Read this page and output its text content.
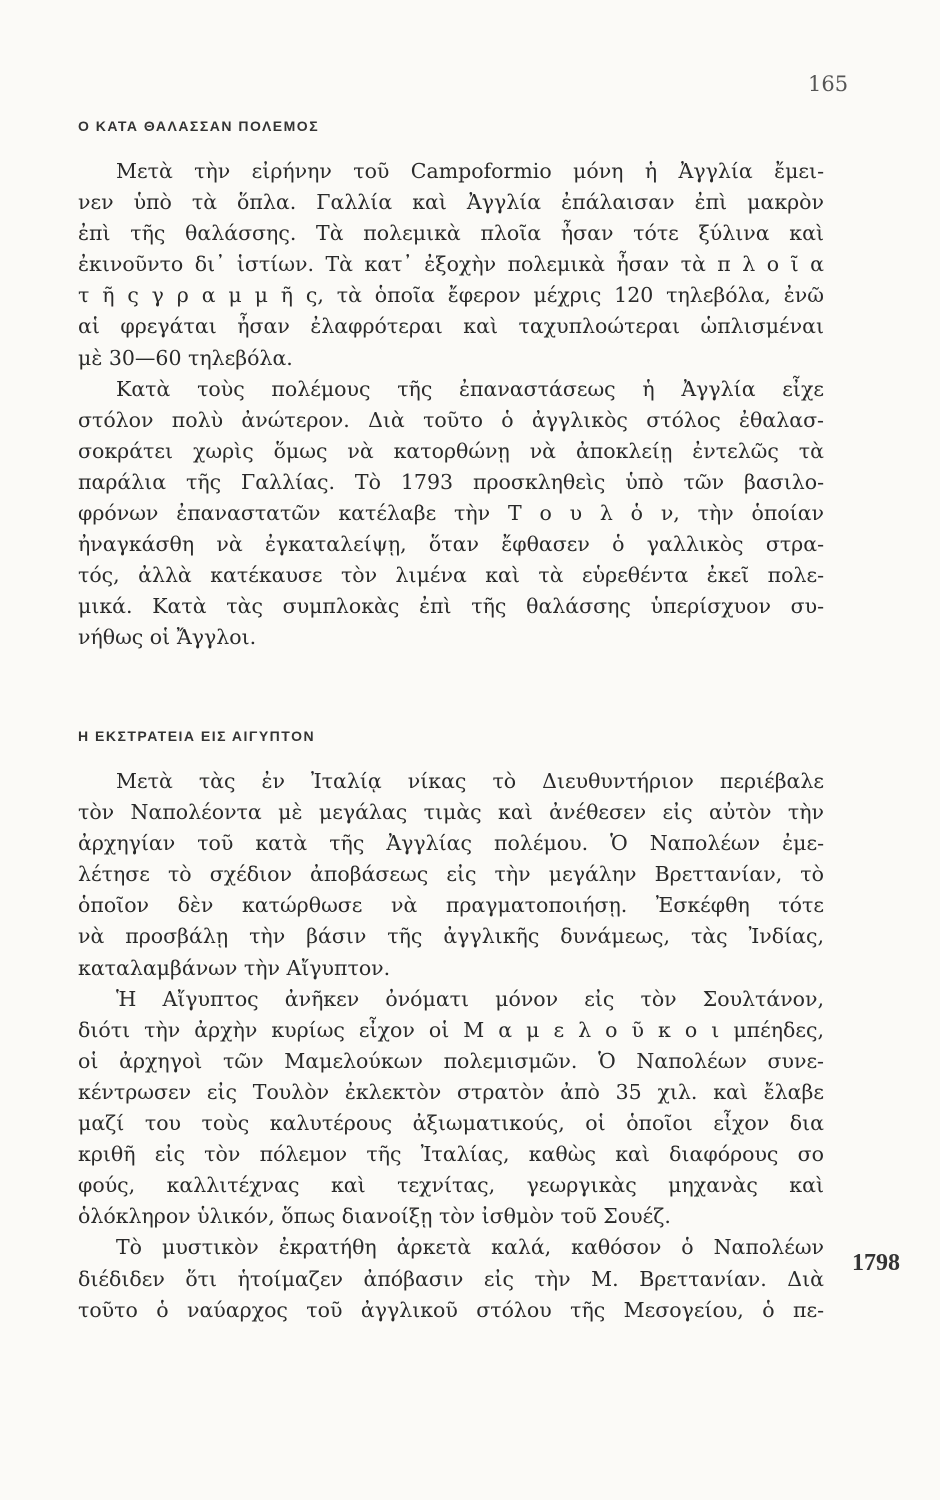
165
Ο ΚΑΤΑ ΘΑΛΑΣΣΑΝ ΠΟΛΕΜΟΣ
Μετὰ τὴν εἰρήνην τοῦ Campoformio μόνη ἡ Ἀγγλία ἔμει-
νεν ὑπὸ τὰ ὅπλα. Γαλλία καὶ Ἀγγλία ἐπάλαισαν ἐπὶ μακρὸν
ἐπὶ τῆς θαλάσσης. Τὰ πολεμικὰ πλοῖα ἦσαν τότε ξύλινα καὶ
ἐκινοῦντο δι᾿ ἱστίων. Τὰ κατ᾿ ἐξοχὴν πολεμικὰ ἦσαν τὰ π λ ο ῖ α
τ ῆ ς γ ρ α μ μ ῆ ς, τὰ ὁποῖα ἔφερον μέχρις 120 τηλεβόλα, ἐνῶ
αἱ φρεγάται ἦσαν ἐλαφρότεραι καὶ ταχυπλοώτεραι ὡπλισμέναι
μὲ 30—60 τηλεβόλα.
Κατὰ τοὺς πολέμους τῆς ἐπαναστάσεως ἡ Ἀγγλία εἶχε
στόλον πολὺ ἀνώτερον. Διὰ τοῦτο ὁ ἀγγλικὸς στόλος ἐθαλασ-
σοκράτει χωρὶς ὅμως νὰ κατορθώνῃ νὰ ἀποκλείῃ ἐντελῶς τὰ
παράλια τῆς Γαλλίας. Τὸ 1793 προσκληθεὶς ὑπὸ τῶν βασιλο-
φρόνων ἐπαναστατῶν κατέλαβε τὴν Τ ο υ λ ὁ ν, τὴν ὁποίαν
ἠναγκάσθη νὰ ἐγκαταλείψῃ, ὅταν ἔφθασεν ὁ γαλλικὸς στρα-
τός, ἀλλὰ κατέκαυσε τὸν λιμένα καὶ τὰ εὑρεθέντα ἐκεῖ πολε-
μικά. Κατὰ τὰς συμπλοκὰς ἐπὶ τῆς θαλάσσης ὑπερίσχυον συ-
νήθως οἱ Ἄγγλοι.
Η ΕΚΣΤΡΑΤΕΙΑ ΕΙΣ ΑΙΓΥΠΤΟΝ
Μετὰ τὰς ἐν Ἰταλίᾳ νίκας τὸ Διευθυντήριον περιέβαλε
τὸν Ναπολέοντα μὲ μεγάλας τιμὰς καὶ ἀνέθεσεν εἰς αὐτὸν τὴν
ἀρχηγίαν τοῦ κατὰ τῆς Ἀγγλίας πολέμου. Ὁ Ναπολέων ἐμε-
λέτησε τὸ σχέδιον ἀποβάσεως εἰς τὴν μεγάλην Βρεττανίαν, τὸ
ὁποῖον δὲν κατώρθωσε νὰ πραγματοποιήσῃ. Ἐσκέφθη τότε
νὰ προσβάλῃ τὴν βάσιν τῆς ἀγγλικῆς δυνάμεως, τὰς Ἰνδίας,
καταλαμβάνων τὴν Αἴγυπτον.
Ἡ Αἴγυπτος ἀνῆκεν ὀνόματι μόνον εἰς τὸν Σουλτάνον,
διότι τὴν ἀρχὴν κυρίως εἶχον οἱ Μ α μ ε λ ο ῦ κ ο ι μπέηδες,
οἱ ἀρχηγοὶ τῶν Μαμελούκων πολεμισμῶν. Ὁ Ναπολέων συνε-
κέντρωσεν εἰς Τουλὸν ἐκλεκτὸν στρατὸν ἀπὸ 35 χιλ. καὶ ἔλαβε
μαζί του τοὺς καλυτέρους ἀξιωματικούς, οἱ ὁποῖοι εἶχον δια
κριθῆ εἰς τὸν πόλεμον τῆς Ἰταλίας, καθὼς καὶ διαφόρους σο
φούς, καλλιτέχνας καὶ τεχνίτας, γεωργικὰς μηχανὰς καὶ
ὁλόκληρον ὑλικόν, ὅπως διανοίξῃ τὸν ἰσθμὸν τοῦ Σουέζ.
Τὸ μυστικὸν ἐκρατήθη ἀρκετὰ καλά, καθόσον ὁ Ναπολέων
διέδιδεν ὅτι ἡτοίμαζεν ἀπόβασιν εἰς τὴν Μ. Βρεττανίαν. Διὰ
τοῦτο ὁ ναύαρχος τοῦ ἀγγλικοῦ στόλου τῆς Μεσογείου, ὁ πε-
1798
